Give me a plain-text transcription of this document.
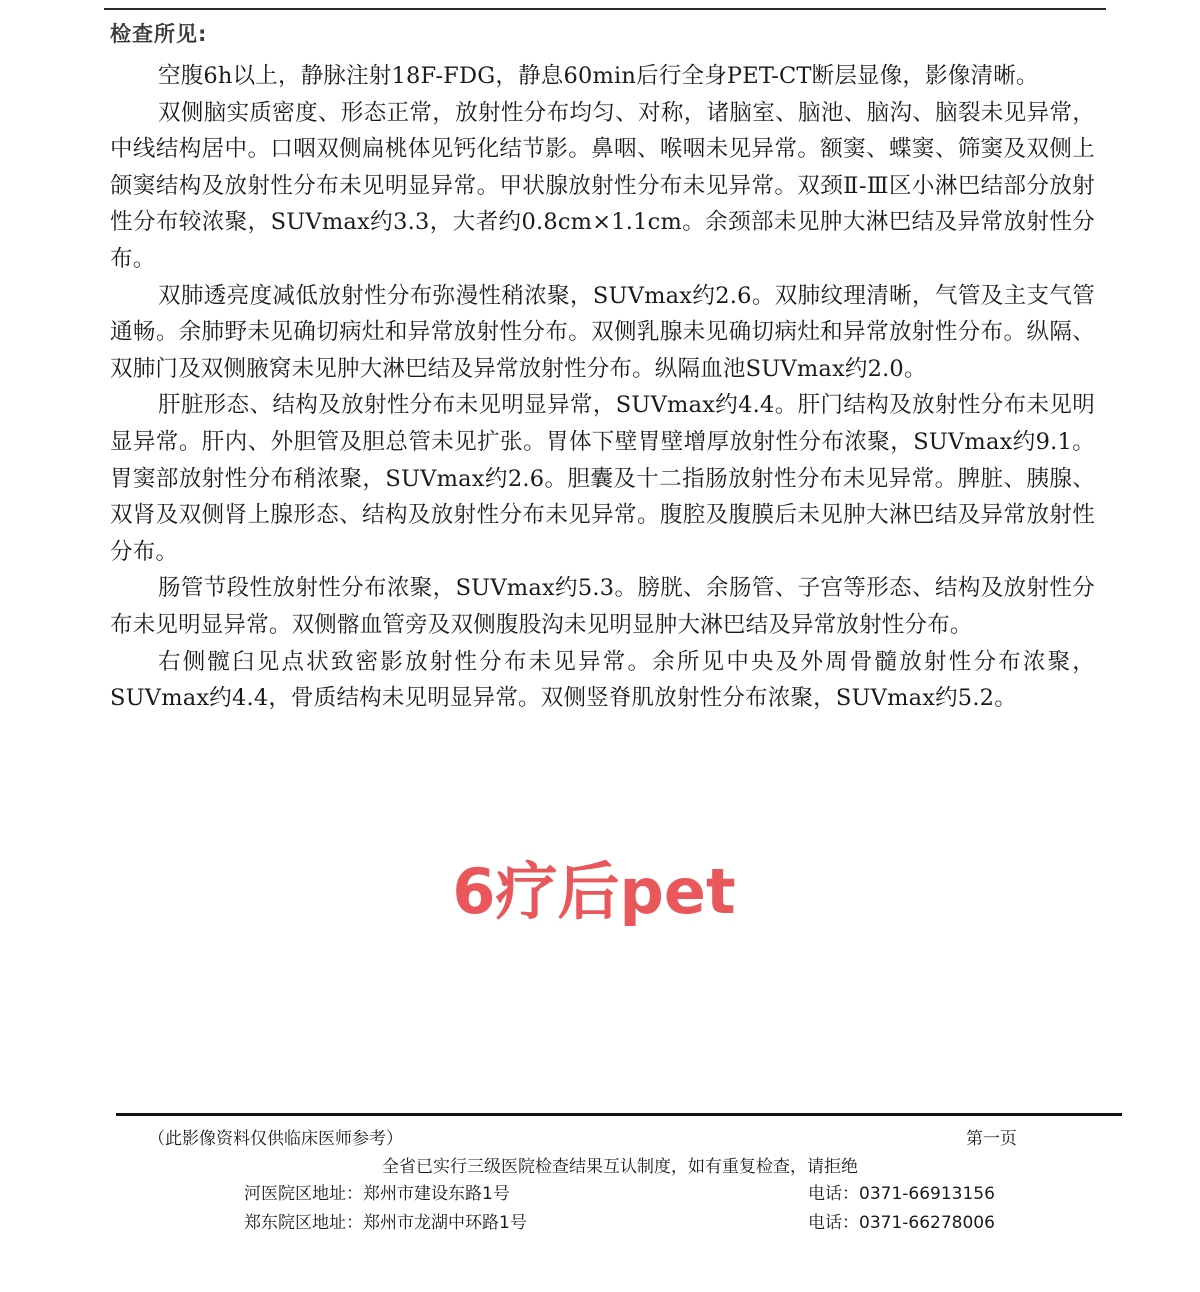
检查所见:

空腹6h以上，静脉注射18F-FDG，静息60min后行全身PET-CT断层显像，影像清晰。

双侧脑实质密度、形态正常，放射性分布均匀、对称，诸脑室、脑池、脑沟、脑裂未见异常，中线结构居中。口咽双侧扁桃体见钙化结节影。鼻咽、喉咽未见异常。额窦、蝶窦、筛窦及双侧上颌窦结构及放射性分布未见明显异常。甲状腺放射性分布未见异常。双颈Ⅱ-Ⅲ区小淋巴结部分放射性分布较浓聚，SUVmax约3.3，大者约0.8cm×1.1cm。余颈部未见肿大淋巴结及异常放射性分布。

双肺透亮度减低放射性分布弥漫性稍浓聚，SUVmax约2.6。双肺纹理清晰，气管及主支气管通畅。余肺野未见确切病灶和异常放射性分布。双侧乳腺未见确切病灶和异常放射性分布。纵隔、双肺门及双侧腋窝未见肿大淋巴结及异常放射性分布。纵隔血池SUVmax约2.0。

肝脏形态、结构及放射性分布未见明显异常，SUVmax约4.4。肝门结构及放射性分布未见明显异常。肝内、外胆管及胆总管未见扩张。胃体下壁胃壁增厚放射性分布浓聚，SUVmax约9.1。胃窦部放射性分布稍浓聚，SUVmax约2.6。胆囊及十二指肠放射性分布未见异常。脾脏、胰腺、双肾及双侧肾上腺形态、结构及放射性分布未见异常。腹腔及腹膜后未见肿大淋巴结及异常放射性分布。

肠管节段性放射性分布浓聚，SUVmax约5.3。膀胱、余肠管、子宫等形态、结构及放射性分布未见明显异常。双侧髂血管旁及双侧腹股沟未见明显肿大淋巴结及异常放射性分布。

右侧髋臼见点状致密影放射性分布未见异常。余所见中央及外周骨髓放射性分布浓聚，SUVmax约4.4，骨质结构未见明显异常。双侧竖脊肌放射性分布浓聚，SUVmax约5.2。

6疗后pet
（此影像资料仅供临床医师参考）	第一页
全省已实行三级医院检查结果互认制度，如有重复检查，请拒绝
河医院区地址：郑州市建设东路1号	电话：0371-66913156
郑东院区地址：郑州市龙湖中环路1号	电话：0371-66278006
